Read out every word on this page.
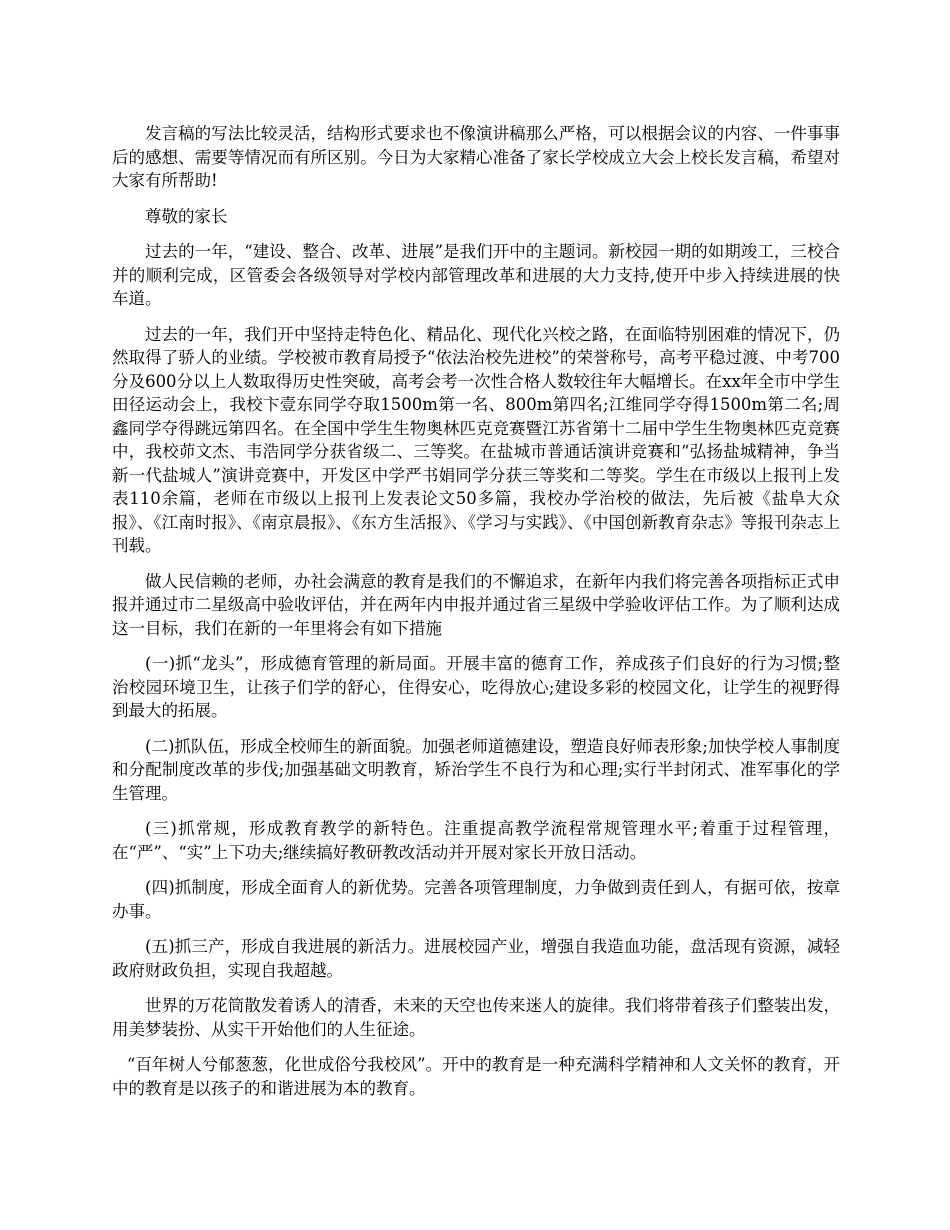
发言稿的写法比较灵活，结构形式要求也不像演讲稿那么严格，可以根据会议的内容、一件事事后的感想、需要等情况而有所区别。今日为大家精心准备了家长学校成立大会上校长发言稿，希望对大家有所帮助!

尊敬的家长

过去的一年，“建设、整合、改革、进展”是我们开中的主题词。新校园一期的如期竣工，三校合并的顺利完成，区管委会各级领导对学校内部管理改革和进展的大力支持,使开中步入持续进展的快车道。

过去的一年，我们开中坚持走特色化、精品化、现代化兴校之路，在面临特别困难的情况下，仍然取得了骄人的业绩。学校被市教育局授予“依法治校先进校”的荣誉称号，高考平稳过渡、中考700分及600分以上人数取得历史性突破，高考会考一次性合格人数较往年大幅增长。在xx年全市中学生田径运动会上，我校卞壹东同学夺取1500m第一名、800m第四名;江维同学夺得1500m第二名;周鑫同学夺得跳远第四名。在全国中学生生物奥林匹克竞赛暨江苏省第十二届中学生生物奥林匹克竞赛中，我校茆文杰、韦浩同学分获省级二、三等奖。在盐城市普通话演讲竞赛和“弘扬盐城精神，争当新一代盐城人”演讲竞赛中，开发区中学严书娟同学分获三等奖和二等奖。学生在市级以上报刊上发表110余篇，老师在市级以上报刊上发表论文50多篇，我校办学治校的做法，先后被《盐阜大众报》、《江南时报》、《南京晨报》、《东方生活报》、《学习与实践》、《中国创新教育杂志》等报刊杂志上刊载。

做人民信赖的老师，办社会满意的教育是我们的不懈追求，在新年内我们将完善各项指标正式申报并通过市二星级高中验收评估，并在两年内申报并通过省三星级中学验收评估工作。为了顺利达成这一目标，我们在新的一年里将会有如下措施

(一)抓“龙头”，形成德育管理的新局面。开展丰富的德育工作，养成孩子们良好的行为习惯;整治校园环境卫生，让孩子们学的舒心，住得安心，吃得放心;建设多彩的校园文化，让学生的视野得到最大的拓展。

(二)抓队伍，形成全校师生的新面貌。加强老师道德建设，塑造良好师表形象;加快学校人事制度和分配制度改革的步伐;加强基础文明教育，矫治学生不良行为和心理;实行半封闭式、准军事化的学生管理。

(三)抓常规，形成教育教学的新特色。注重提高教学流程常规管理水平;着重于过程管理，在“严”、“实”上下功夫;继续搞好教研教改活动并开展对家长开放日活动。

(四)抓制度，形成全面育人的新优势。完善各项管理制度，力争做到责任到人，有据可依，按章办事。

(五)抓三产，形成自我进展的新活力。进展校园产业，增强自我造血功能，盘活现有资源，减轻政府财政负担，实现自我超越。

世界的万花筒散发着诱人的清香，未来的天空也传来迷人的旋律。我们将带着孩子们整装出发，用美梦装扮、从实干开始他们的人生征途。

“百年树人兮郁葱葱，化世成俗兮我校风”。开中的教育是一种充满科学精神和人文关怀的教育，开中的教育是以孩子的和谐进展为本的教育。
